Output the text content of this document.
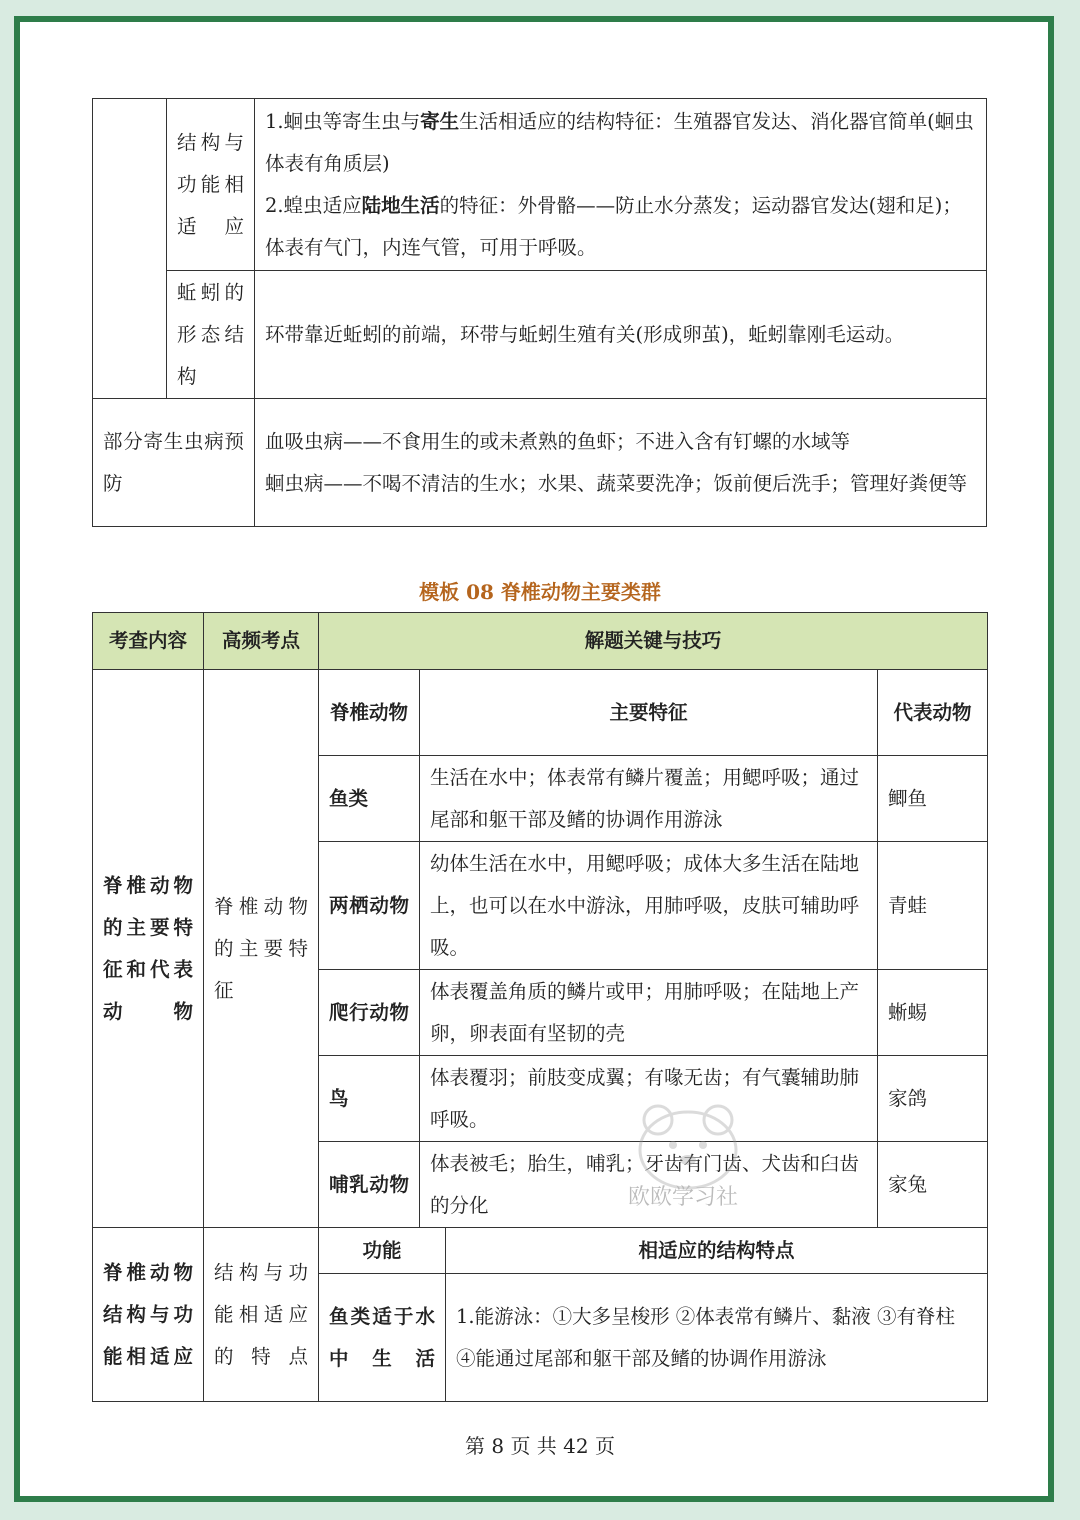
	结构与功能相适应	1.蛔虫等寄生虫与寄生生活相适应的结构特征：生殖器官发达、消化器官简单(蛔虫体表有角质层)
2.蝗虫适应陆地生活的特征：外骨骼——防止水分蒸发；运动器官发达(翅和足)；体表有气门，内连气管，可用于呼吸。
	蚯蚓的形态结构	环带靠近蚯蚓的前端，环带与蚯蚓生殖有关(形成卵茧)，蚯蚓靠刚毛运动。
部分寄生虫病预防		血吸虫病——不食用生的或未煮熟的鱼虾；不进入含有钉螺的水域等
蛔虫病——不喝不清洁的生水；水果、蔬菜要洗净；饭前便后洗手；管理好粪便等
模板 08 脊椎动物主要类群
考查内容	高频考点	解题关键与技巧			
脊椎动物的主要特征和代表动物	脊椎动物的主要特征	脊椎动物	主要特征		代表动物
		鱼类	生活在水中；体表常有鳞片覆盖；用鳃呼吸；通过尾部和躯干部及鳍的协调作用游泳		鲫鱼
		两栖动物	幼体生活在水中，用鳃呼吸；成体大多生活在陆地上，也可以在水中游泳，用肺呼吸，皮肤可辅助呼吸。		青蛙
		爬行动物	体表覆盖角质的鳞片或甲；用肺呼吸；在陆地上产卵，卵表面有坚韧的壳		蜥蜴
		鸟	体表覆羽；前肢变成翼；有喙无齿；有气囊辅助肺呼吸。		家鸽
		哺乳动物	体表被毛；胎生，哺乳；牙齿有门齿、犬齿和臼齿的分化		家兔
脊椎动物结构与功能相适应	结构与功能相适应的特点	功能		相适应的结构特点	
		鱼类适于水中生活		1.能游泳：①大多呈梭形 ②体表常有鳞片、黏液 ③有脊柱
④能通过尾部和躯干部及鳍的协调作用游泳	
欧欧学习社
第 8 页 共 42 页
